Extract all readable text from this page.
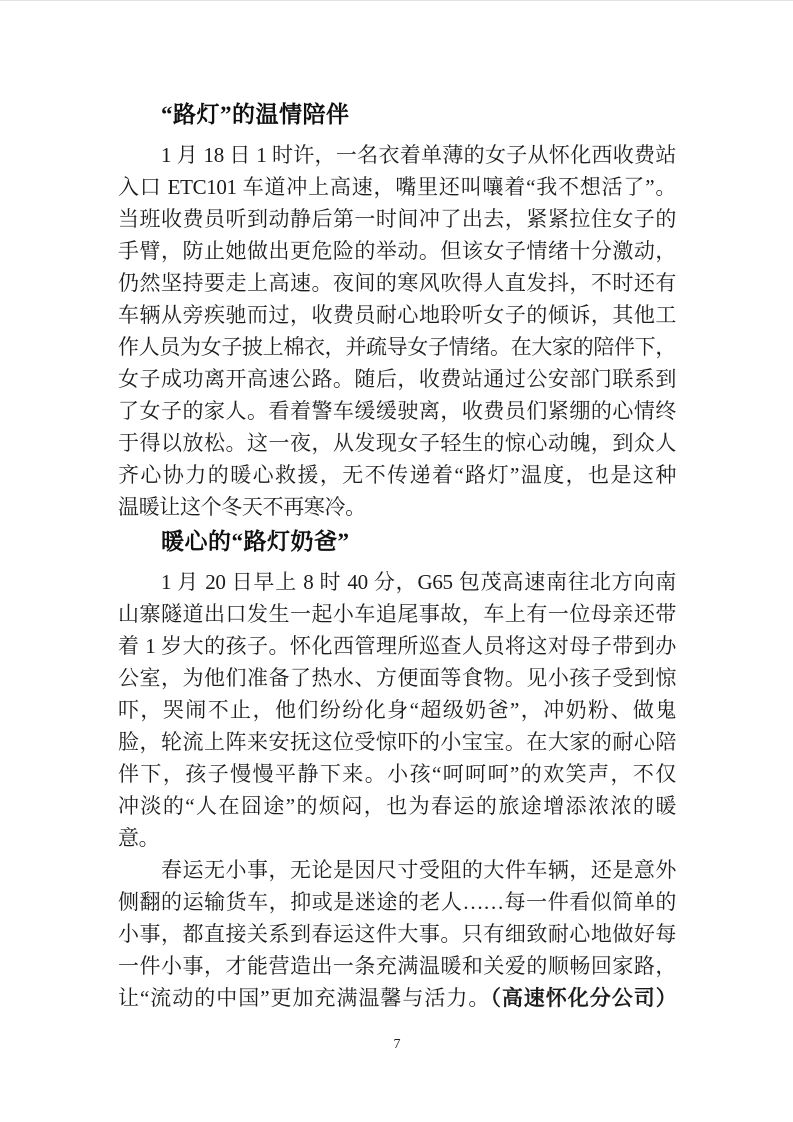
“路灯”的温情陪伴
1 月 18 日 1 时许，一名衣着单薄的女子从怀化西收费站
入口 ETC101 车道冲上高速，嘴里还叫嚷着“我不想活了”。
当班收费员听到动静后第一时间冲了出去，紧紧拉住女子的
手臂，防止她做出更危险的举动。但该女子情绪十分激动，
仍然坚持要走上高速。夜间的寒风吹得人直发抖，不时还有
车辆从旁疾驰而过，收费员耐心地聆听女子的倾诉，其他工
作人员为女子披上棉衣，并疏导女子情绪。在大家的陪伴下，
女子成功离开高速公路。随后，收费站通过公安部门联系到
了女子的家人。看着警车缓缓驶离，收费员们紧绷的心情终
于得以放松。这一夜，从发现女子轻生的惊心动魄，到众人
齐心协力的暖心救援，无不传递着“路灯”温度，也是这种
温暖让这个冬天不再寒冷。
暖心的“路灯奶爸”
1 月 20 日早上 8 时 40 分，G65 包茂高速南往北方向南
山寨隧道出口发生一起小车追尾事故，车上有一位母亲还带
着 1 岁大的孩子。怀化西管理所巡查人员将这对母子带到办
公室，为他们准备了热水、方便面等食物。见小孩子受到惊
吓，哭闹不止，他们纷纷化身“超级奶爸”，冲奶粉、做鬼
脸，轮流上阵来安抚这位受惊吓的小宝宝。在大家的耐心陪
伴下，孩子慢慢平静下来。小孩“呵呵呵”的欢笑声，不仅
冲淡的“人在囧途”的烦闷，也为春运的旅途增添浓浓的暖
意。
春运无小事，无论是因尺寸受阻的大件车辆，还是意外
侧翻的运输货车，抑或是迷途的老人……每一件看似简单的
小事，都直接关系到春运这件大事。只有细致耐心地做好每
一件小事，才能营造出一条充满温暖和关爱的顺畅回家路，
让“流动的中国”更加充满温馨与活力。（高速怀化分公司）
7
